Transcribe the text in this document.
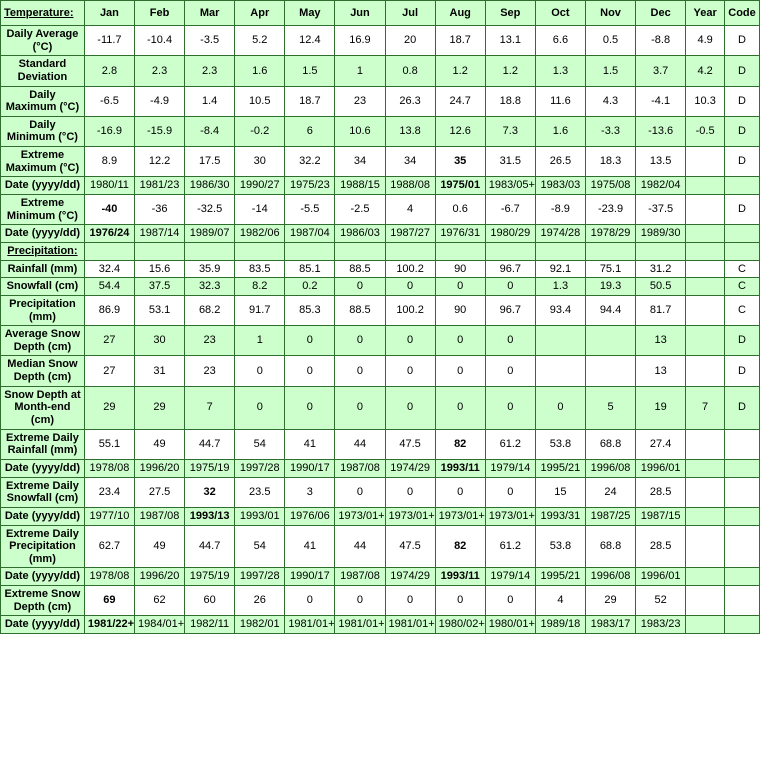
Temperature:	Jan	Feb	Mar	Apr	May	Jun	Jul	Aug	Sep	Oct	Nov	Dec	Year	Code
Daily Average (°C)	-11.7	-10.4	-3.5	5.2	12.4	16.9	20	18.7	13.1	6.6	0.5	-8.8	4.9	D
Standard Deviation	2.8	2.3	2.3	1.6	1.5	1	0.8	1.2	1.2	1.3	1.5	3.7	4.2	D
Daily Maximum (°C)	-6.5	-4.9	1.4	10.5	18.7	23	26.3	24.7	18.8	11.6	4.3	-4.1	10.3	D
Daily Minimum (°C)	-16.9	-15.9	-8.4	-0.2	6	10.6	13.8	12.6	7.3	1.6	-3.3	-13.6	-0.5	D
Extreme Maximum (°C)	8.9	12.2	17.5	30	32.2	34	34	35	31.5	26.5	18.3	13.5		D
Date (yyyy/dd)	1980/11	1981/23	1986/30	1990/27	1975/23	1988/15	1988/08	1975/01	1983/05+	1983/03	1975/08	1982/04		
Extreme Minimum (°C)	-40	-36	-32.5	-14	-5.5	-2.5	4	0.6	-6.7	-8.9	-23.9	-37.5		D
Date (yyyy/dd)	1976/24	1987/14	1989/07	1982/06	1987/04	1986/03	1987/27	1976/31	1980/29	1974/28	1978/29	1989/30		
Precipitation:														
Rainfall (mm)	32.4	15.6	35.9	83.5	85.1	88.5	100.2	90	96.7	92.1	75.1	31.2		C
Snowfall (cm)	54.4	37.5	32.3	8.2	0.2	0	0	0	0	1.3	19.3	50.5		C
Precipitation (mm)	86.9	53.1	68.2	91.7	85.3	88.5	100.2	90	96.7	93.4	94.4	81.7		C
Average Snow Depth (cm)	27	30	23	1	0	0	0	0	0			13		D
Median Snow Depth (cm)	27	31	23	0	0	0	0	0	0			13		D
Snow Depth at Month-end (cm)	29	29	7	0	0	0	0	0	0	0	5	19	7	D
Extreme Daily Rainfall (mm)	55.1	49	44.7	54	41	44	47.5	82	61.2	53.8	68.8	27.4		
Date (yyyy/dd)	1978/08	1996/20	1975/19	1997/28	1990/17	1987/08	1974/29	1993/11	1979/14	1995/21	1996/08	1996/01		
Extreme Daily Snowfall (cm)	23.4	27.5	32	23.5	3	0	0	0	0	15	24	28.5		
Date (yyyy/dd)	1977/10	1987/08	1993/13	1993/01	1976/06	1973/01+	1973/01+	1973/01+	1973/01+	1993/31	1987/25	1987/15		
Extreme Daily Precipitation (mm)	62.7	49	44.7	54	41	44	47.5	82	61.2	53.8	68.8	28.5		
Date (yyyy/dd)	1978/08	1996/20	1975/19	1997/28	1990/17	1987/08	1974/29	1993/11	1979/14	1995/21	1996/08	1996/01		
Extreme Snow Depth (cm)	69	62	60	26	0	0	0	0	0	4	29	52		
Date (yyyy/dd)	1981/22+	1984/01+	1982/11	1982/01	1981/01+	1981/01+	1981/01+	1980/02+	1980/01+	1989/18	1983/17	1983/23		
